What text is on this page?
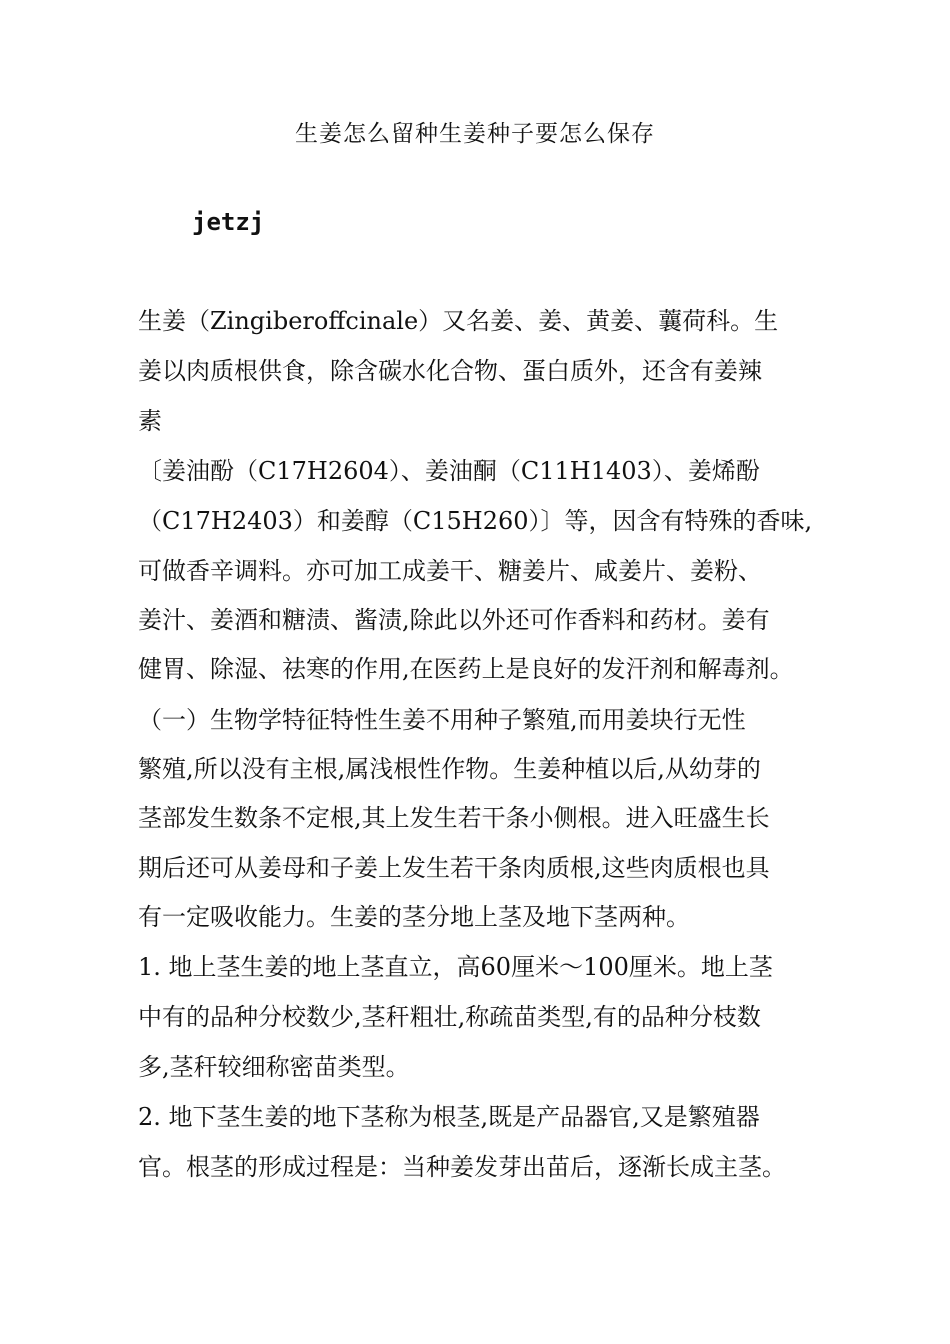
生姜怎么留种生姜种子要怎么保存
jetzj
生姜（Zingiberoffcinale）又名姜、姜、黄姜、蘘荷科。生
姜以肉质根供食，除含碳水化合物、蛋白质外，还含有姜辣
素
〔姜油酚（C17H2604）、姜油酮（C11H1403）、姜烯酚
（C17H2403）和姜醇（C15H260）〕等，因含有特殊的香味,
可做香辛调料。亦可加工成姜干、糖姜片、咸姜片、姜粉、
姜汁、姜酒和糖渍、酱渍,除此以外还可作香料和药材。姜有
健胃、除湿、祛寒的作用,在医药上是良好的发汗剂和解毒剂。
（一）生物学特征特性生姜不用种子繁殖,而用姜块行无性
繁殖,所以没有主根,属浅根性作物。生姜种植以后,从幼芽的
茎部发生数条不定根,其上发生若干条小侧根。进入旺盛生长
期后还可从姜母和子姜上发生若干条肉质根,这些肉质根也具
有一定吸收能力。生姜的茎分地上茎及地下茎两种。
1. 地上茎生姜的地上茎直立，高60厘米〜100厘米。地上茎
中有的品种分校数少,茎秆粗壮,称疏苗类型,有的品种分枝数
多,茎秆较细称密苗类型。
2. 地下茎生姜的地下茎称为根茎,既是产品器官,又是繁殖器
官。根茎的形成过程是：当种姜发芽出苗后，逐渐长成主茎。
